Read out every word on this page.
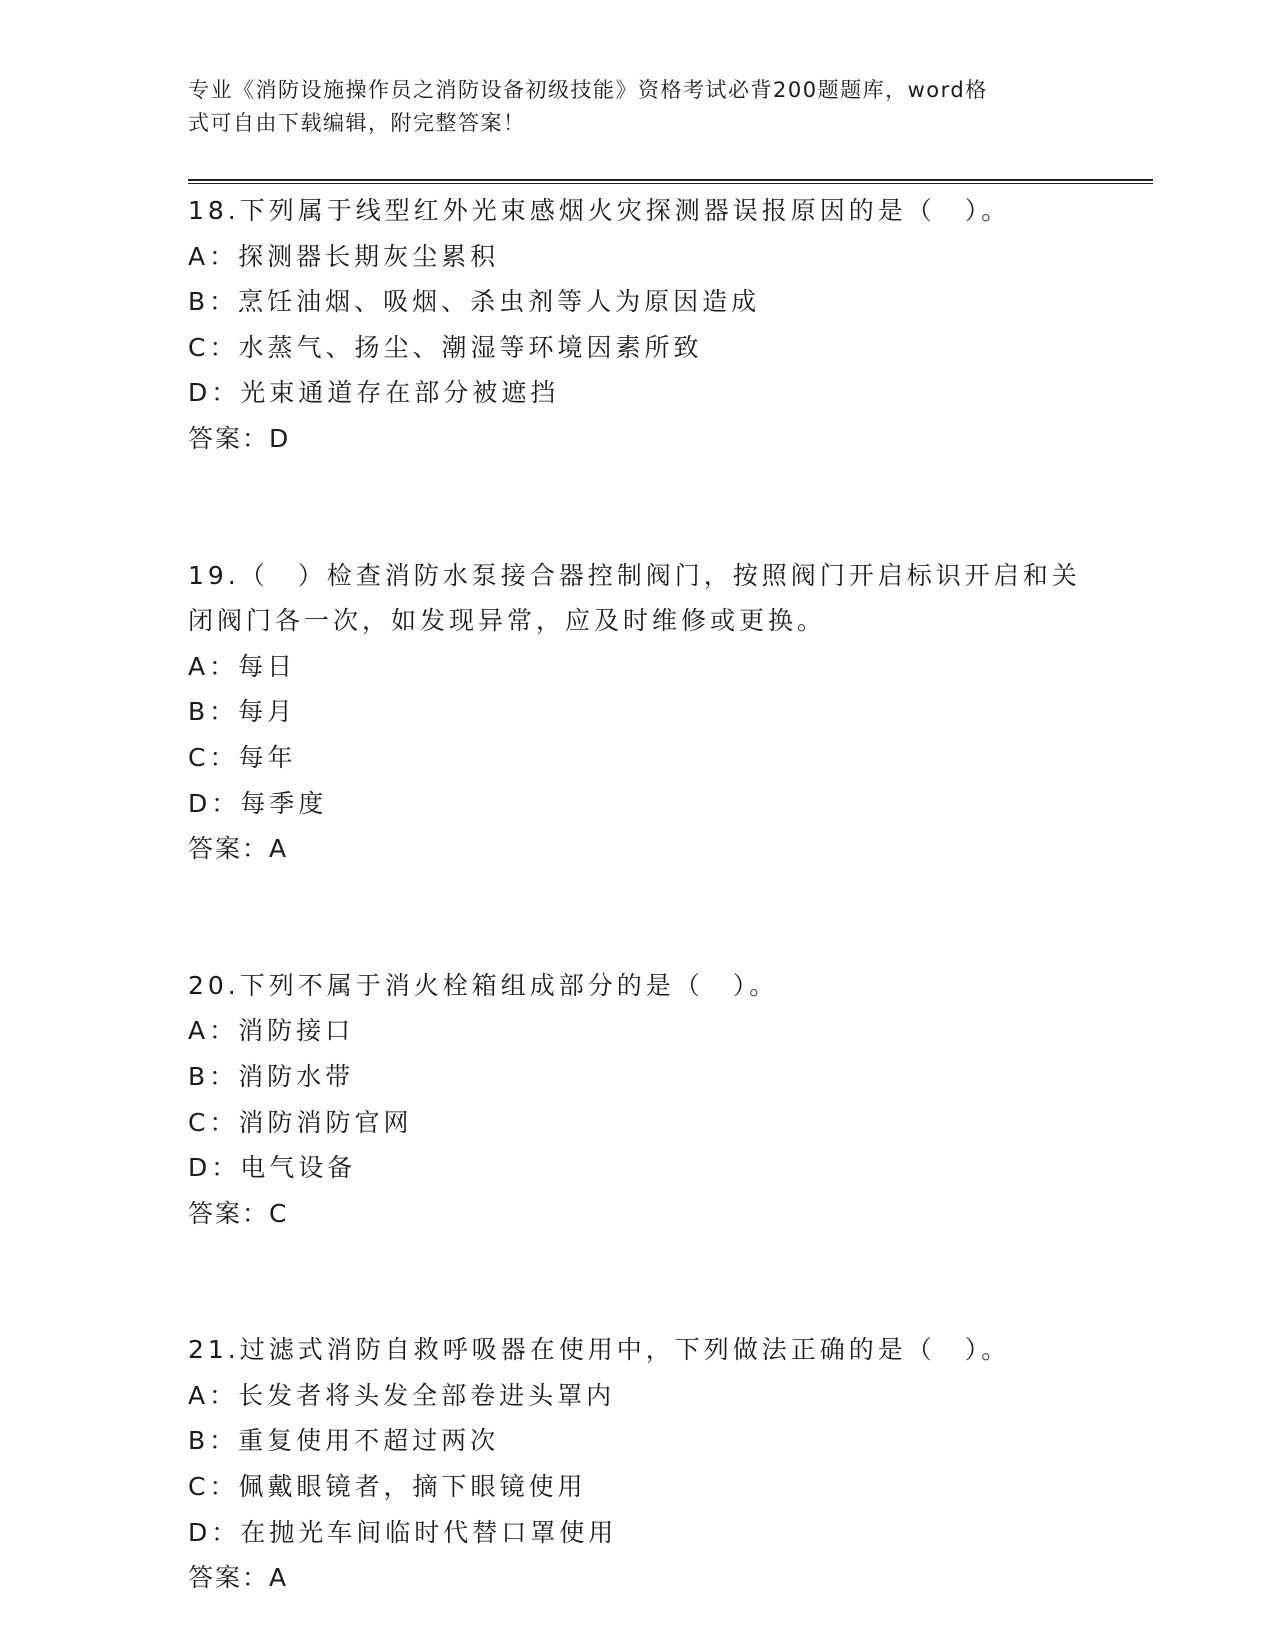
专业《消防设施操作员之消防设备初级技能》资格考试必背200题题库，word格
式可自由下载编辑，附完整答案！
18.下列属于线型红外光束感烟火灾探测器误报原因的是（　）。
A：探测器长期灰尘累积
B：烹饪油烟、吸烟、杀虫剂等人为原因造成
C：水蒸气、扬尘、潮湿等环境因素所致
D：光束通道存在部分被遮挡
答案：D
19.（　）检查消防水泵接合器控制阀门，按照阀门开启标识开启和关
闭阀门各一次，如发现异常，应及时维修或更换。
A：每日
B：每月
C：每年
D：每季度
答案：A
20.下列不属于消火栓箱组成部分的是（　）。
A：消防接口
B：消防水带
C：消防消防官网
D：电气设备
答案：C
21.过滤式消防自救呼吸器在使用中，下列做法正确的是（　）。
A：长发者将头发全部卷进头罩内
B：重复使用不超过两次
C：佩戴眼镜者，摘下眼镜使用
D：在抛光车间临时代替口罩使用
答案：A
